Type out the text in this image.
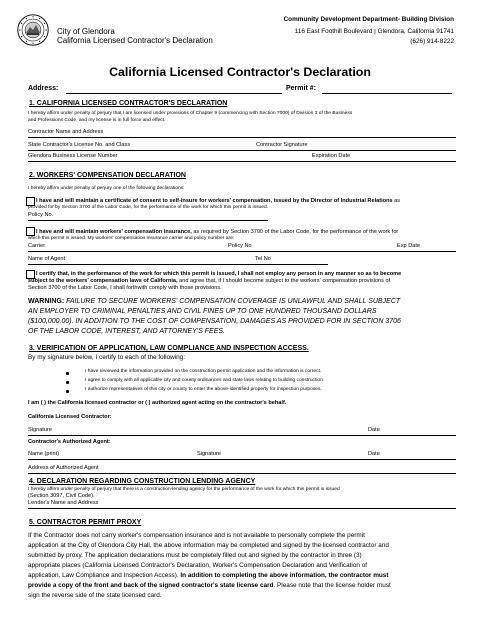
City of Glendora
California Licensed Contractor's Declaration
Community Development Department- Building Division
116 East Foothill Boulevard | Glendora, California 91741
(626) 914-8222
California Licensed Contractor's Declaration
Address:	Permit #:
1. CALIFORNIA LICENSED CONTRACTOR'S DECLARATION
I hereby affirm under penalty of perjury that I am licensed under provisions of Chapter 9 (commencing with Section 7000) of Division 3 of the Business
and Professions Code, and my license is in full force and effect.
Contractor Name and Address
State Contractor's License No. and Class	Contractor Signature
Glendora Business License Number	Expiration Date
2. WORKERS' COMPENSATION DECLARATION
I hereby affirm under penalty of perjury one of the following declarations:
I have and will maintain a certificate of consent to self-insure for workers' compensation, issued by the Director of Industrial Relations as
provided for by Section 3700 of the Labor Code, for the performance of the work for which this permit is issued.
Policy No.
I have and will maintain workers' compensation insurance, as required by Section 3700 of the Labor Code, for the performance of the work for
which this permit is issued. My workers' compensation insurance carrier and policy number are:
Carrier	Policy No	Exp Date
Name of Agent	Tel No
I certify that, in the performance of the work for which this permit is issued, I shall not employ any person in any manner so as to become
subject to the workers' compensation laws of California, and agree that, if I should become subject to the workers' compensation provisions of
Section 3700 of the Labor Code, I shall forthwith comply with those provisions.
WARNING: FAILURE TO SECURE WORKERS' COMPENSATION COVERAGE IS UNLAWFUL AND SHALL SUBJECT
AN EMPLOYER TO CRIMINAL PENALTIES AND CIVIL FINES UP TO ONE HUNDRED THOUSAND DOLLARS
($100,000.00). IN ADDITION TO THE COST OF COMPENSATION, DAMAGES AS PROVIDED FOR IN SECTION 3706
OF THE LABOR CODE, INTEREST, AND ATTORNEY'S FEES.
3. VERIFICATION OF APPLICATION, LAW COMPLIANCE AND INSPECTION ACCESS.
By my signature below, I certify to each of the following:
I have reviewed the information provided on the construction permit application and the information is correct.
I agree to comply with all applicable city and county ordinances and state laws relating to building construction.
I authorize representatives of this city or county to enter the above-identified property for inspection purposes.
I am ( ) the California licensed contractor or ( ) authorized agent acting on the contractor's behalf.
California Licensed Contractor:
Signature	Date
Contractor's Authorized Agent:
Name (print)	Signature	Date
Address of Authorized Agent
4. DECLARATION REGARDING CONSTRUCTION LENDING AGENCY
I hereby affirm under penalty of perjury that there is a construction-lending agency for the performance of the work for which this permit is issued
(Section 3097, Civil Code).
Lender's Name and Address
5. CONTRACTOR PERMIT PROXY
If the Contractor does not carry worker's compensation insurance and is not available to personally complete the permit
application at the City of Glendora City Hall, the above information may be completed and signed by the licensed contractor and
submitted by proxy. The application declarations must be completely filled out and signed by the contractor in three (3)
appropriate places (California Licensed Contractor's Declaration, Worker's Compensation Declaration and Verification of
application, Law Compliance and Inspection Access). In addition to completing the above information, the contractor must
provide a copy of the front and back of the signed contractor's state license card. Please note that the license holder must
sign the reverse side of the state licensed card.
